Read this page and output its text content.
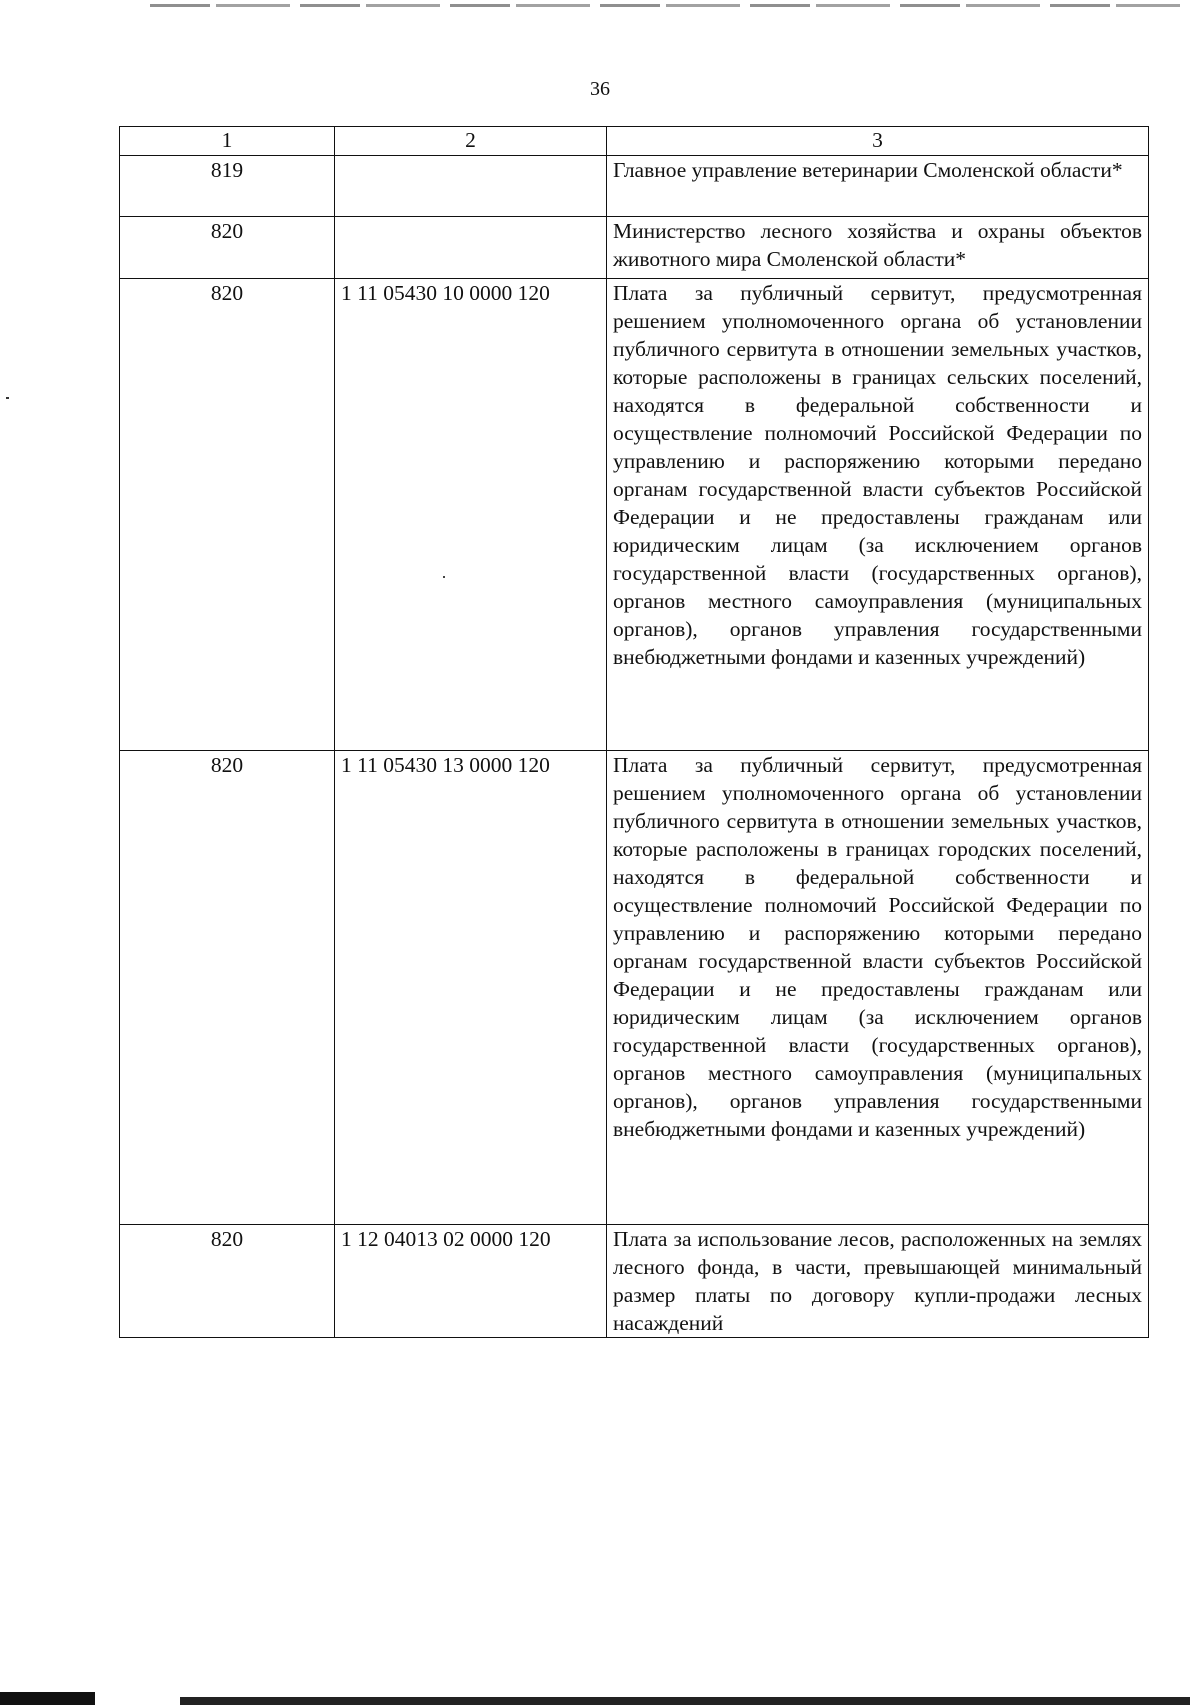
36
1	2	3
819		Главное управление ветеринарии Смоленской области*
820		Министерство лесного хозяйства и охраны объектов животного мира Смоленской области*
820	1 11 05430 10 0000 120	Плата за публичный сервитут, предусмотренная решением уполномоченного органа об установлении публичного сервитута в отношении земельных участков, которые расположены в границах сельских поселений, находятся в федеральной собственности и осуществление полномочий Российской Федерации по управлению и распоряжению которыми передано органам государственной власти субъектов Российской Федерации и не предоставлены гражданам или юридическим лицам (за исключением органов государственной власти (государственных органов), органов местного самоуправления (муниципальных органов), органов управления государственными внебюджетными фондами и казенных учреждений)
820	1 11 05430 13 0000 120	Плата за публичный сервитут, предусмотренная решением уполномоченного органа об установлении публичного сервитута в отношении земельных участков, которые расположены в границах городских поселений, находятся в федеральной собственности и осуществление полномочий Российской Федерации по управлению и распоряжению которыми передано органам государственной власти субъектов Российской Федерации и не предоставлены гражданам или юридическим лицам (за исключением органов государственной власти (государственных органов), органов местного самоуправления (муниципальных органов), органов управления государственными внебюджетными фондами и казенных учреждений)
820	1 12 04013 02 0000 120	Плата за использование лесов, расположенных на землях лесного фонда, в части, превышающей минимальный размер платы по договору купли-продажи лесных насаждений
